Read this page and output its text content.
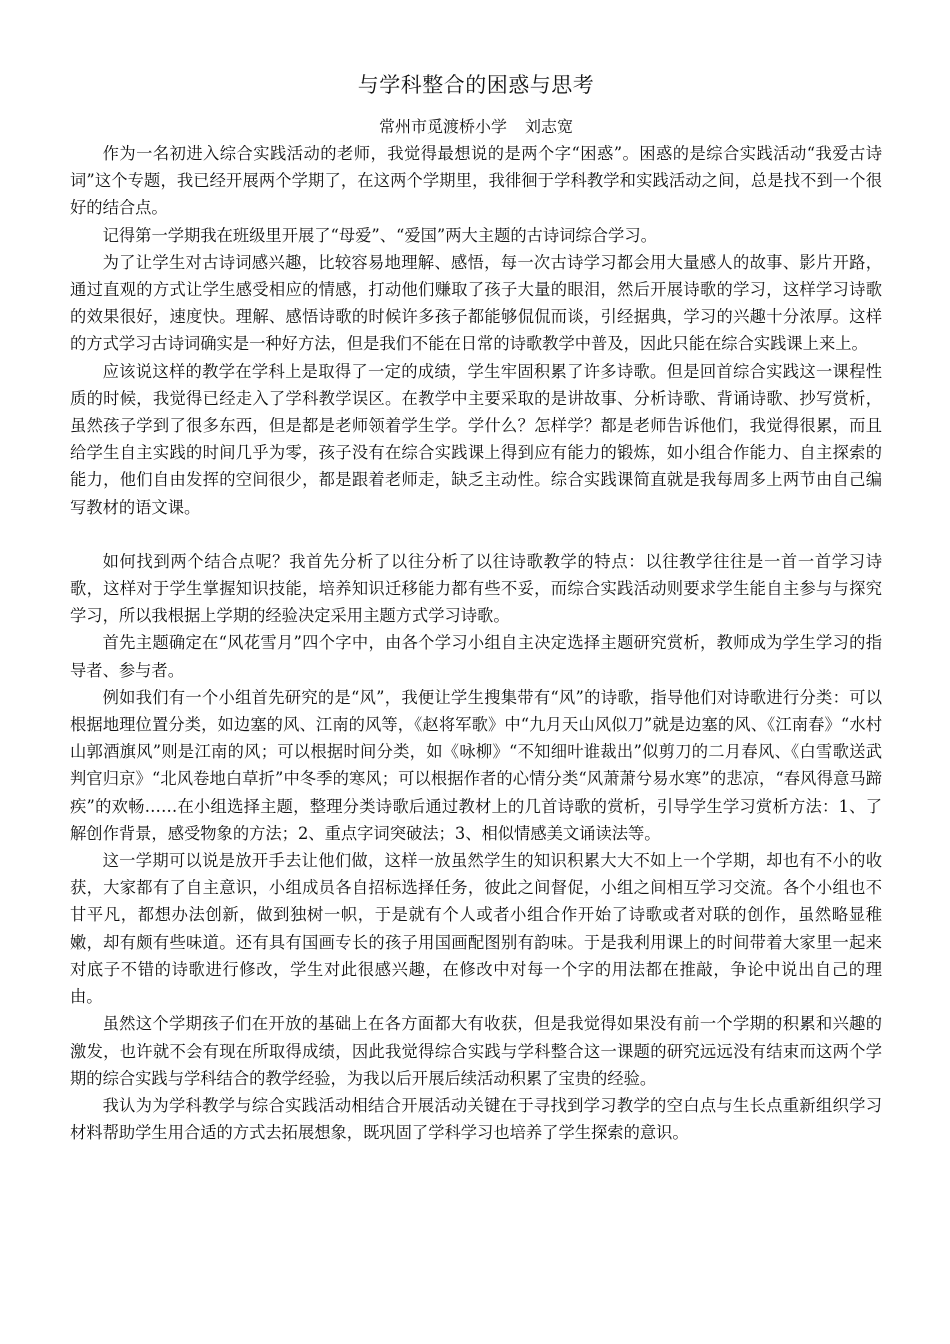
与学科整合的困惑与思考

常州市觅渡桥小学 刘志宽

作为一名初进入综合实践活动的老师，我觉得最想说的是两个字“困惑”。困惑的是综合实践活动“我爱古诗词”这个专题，我已经开展两个学期了，在这两个学期里，我徘徊于学科教学和实践活动之间，总是找不到一个很好的结合点。

记得第一学期我在班级里开展了“母爱”、“爱国”两大主题的古诗词综合学习。

为了让学生对古诗词感兴趣，比较容易地理解、感悟，每一次古诗学习都会用大量感人的故事、影片开路，通过直观的方式让学生感受相应的情感，打动他们赚取了孩子大量的眼泪，然后开展诗歌的学习，这样学习诗歌的效果很好，速度快。理解、感悟诗歌的时候许多孩子都能够侃侃而谈，引经据典，学习的兴趣十分浓厚。这样的方式学习古诗词确实是一种好方法，但是我们不能在日常的诗歌教学中普及，因此只能在综合实践课上来上。

应该说这样的教学在学科上是取得了一定的成绩，学生牢固积累了许多诗歌。但是回首综合实践这一课程性质的时候，我觉得已经走入了学科教学误区。在教学中主要采取的是讲故事、分析诗歌、背诵诗歌、抄写赏析，虽然孩子学到了很多东西，但是都是老师领着学生学。学什么？怎样学？都是老师告诉他们，我觉得很累，而且给学生自主实践的时间几乎为零，孩子没有在综合实践课上得到应有能力的锻炼，如小组合作能力、自主探索的能力，他们自由发挥的空间很少，都是跟着老师走，缺乏主动性。综合实践课简直就是我每周多上两节由自己编写教材的语文课。

如何找到两个结合点呢？我首先分析了以往分析了以往诗歌教学的特点：以往教学往往是一首一首学习诗歌，这样对于学生掌握知识技能，培养知识迁移能力都有些不妥，而综合实践活动则要求学生能自主参与与探究学习，所以我根据上学期的经验决定采用主题方式学习诗歌。

首先主题确定在“风花雪月”四个字中，由各个学习小组自主决定选择主题研究赏析，教师成为学生学习的指导者、参与者。

例如我们有一个小组首先研究的是“风”，我便让学生搜集带有“风”的诗歌，指导他们对诗歌进行分类：可以根据地理位置分类，如边塞的风、江南的风等，《赵将军歌》中“九月天山风似刀”就是边塞的风、《江南春》“水村山郭酒旗风”则是江南的风；可以根据时间分类，如《咏柳》“不知细叶谁裁出”似剪刀的二月春风、《白雪歌送武判官归京》“北风卷地白草折”中冬季的寒风；可以根据作者的心情分类“风萧萧兮易水寒”的悲凉，“春风得意马蹄疾”的欢畅……在小组选择主题，整理分类诗歌后通过教材上的几首诗歌的赏析，引导学生学习赏析方法：1、了解创作背景，感受物象的方法；2、重点字词突破法；3、相似情感美文诵读法等。

这一学期可以说是放开手去让他们做，这样一放虽然学生的知识积累大大不如上一个学期，却也有不小的收获，大家都有了自主意识，小组成员各自招标选择任务，彼此之间督促，小组之间相互学习交流。各个小组也不甘平凡，都想办法创新，做到独树一帜，于是就有个人或者小组合作开始了诗歌或者对联的创作，虽然略显稚嫩，却有颇有些味道。还有具有国画专长的孩子用国画配图别有韵味。于是我利用课上的时间带着大家里一起来对底子不错的诗歌进行修改，学生对此很感兴趣，在修改中对每一个字的用法都在推敲，争论中说出自己的理由。

虽然这个学期孩子们在开放的基础上在各方面都大有收获，但是我觉得如果没有前一个学期的积累和兴趣的激发，也许就不会有现在所取得成绩，因此我觉得综合实践与学科整合这一课题的研究远远没有结束而这两个学期的综合实践与学科结合的教学经验，为我以后开展后续活动积累了宝贵的经验。

我认为为学科教学与综合实践活动相结合开展活动关键在于寻找到学习教学的空白点与生长点重新组织学习材料帮助学生用合适的方式去拓展想象，既巩固了学科学习也培养了学生探索的意识。
